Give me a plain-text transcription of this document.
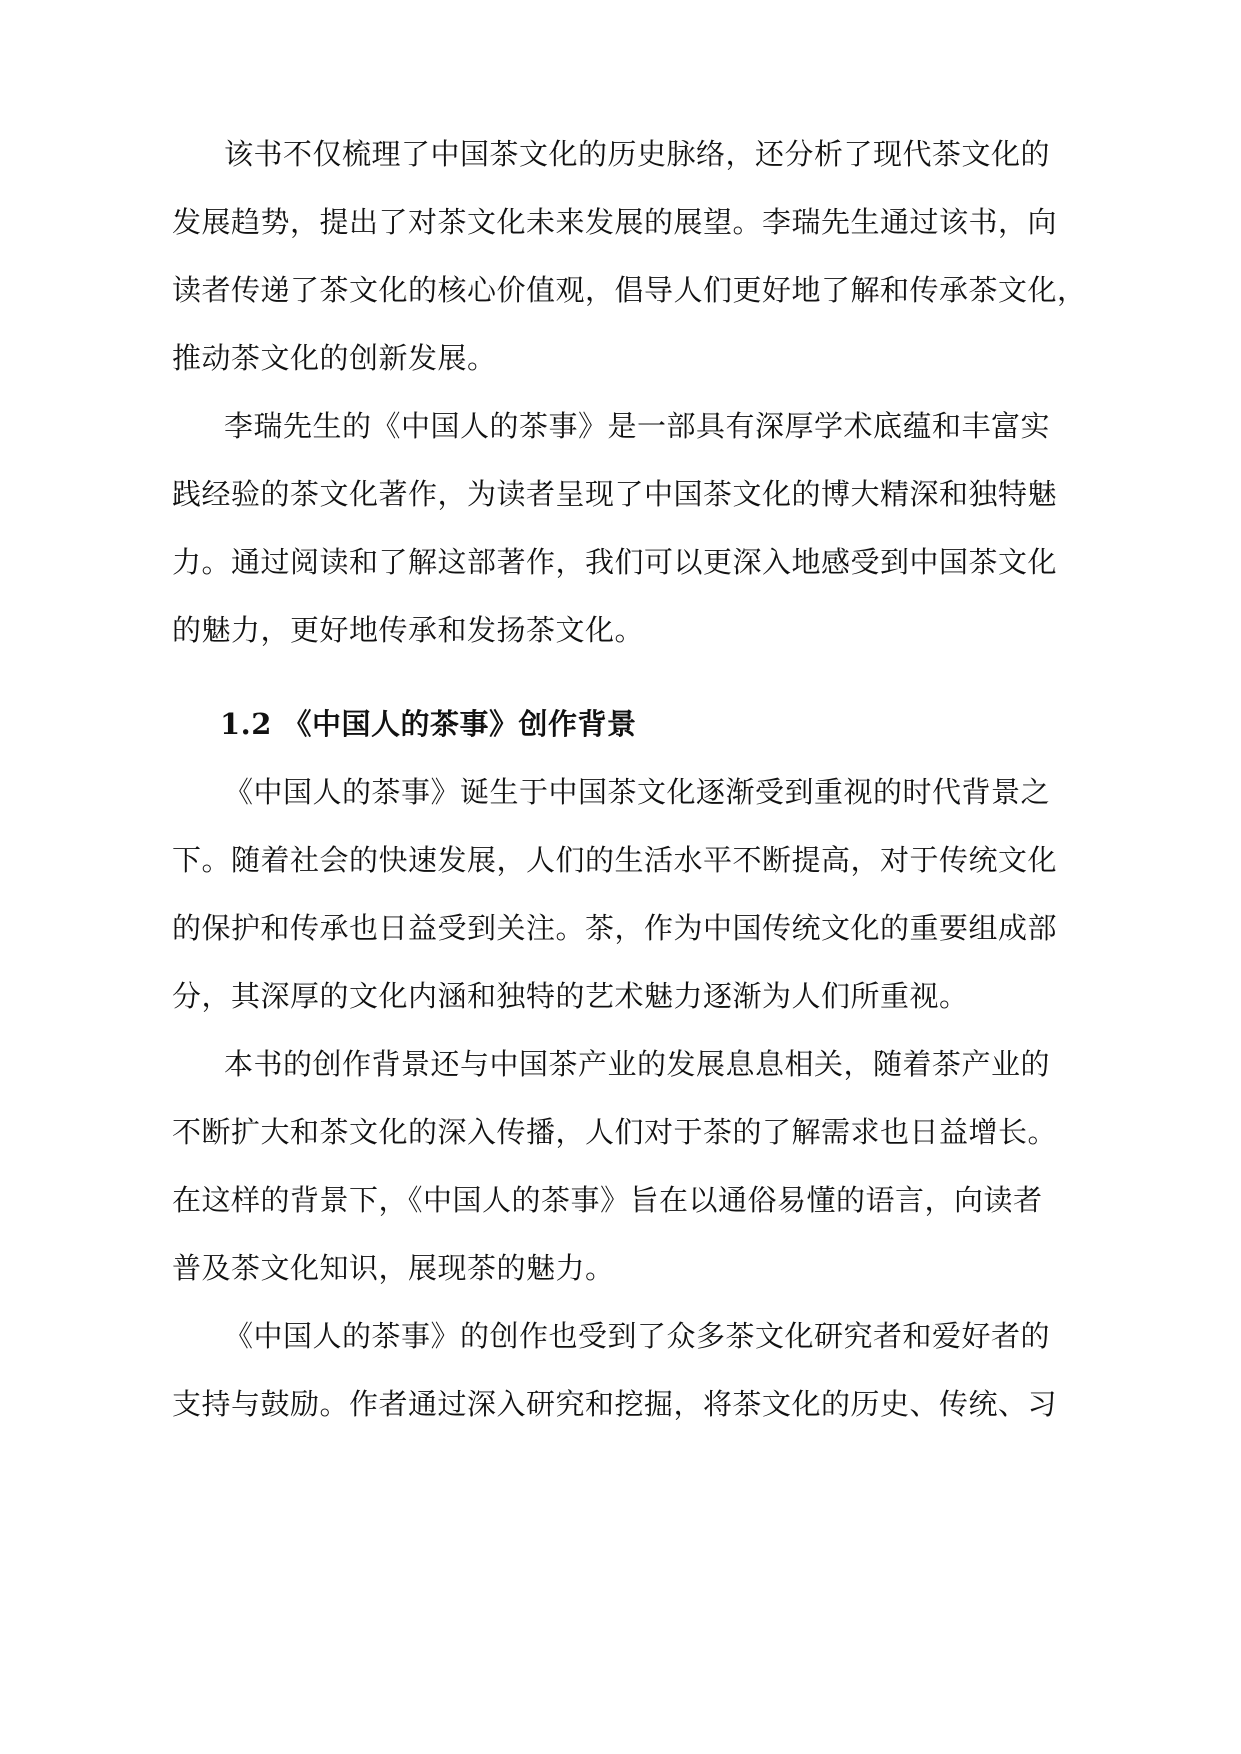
该书不仅梳理了中国茶文化的历史脉络，还分析了现代茶文化的
发展趋势，提出了对茶文化未来发展的展望。李瑞先生通过该书，向
读者传递了茶文化的核心价值观，倡导人们更好地了解和传承茶文化，
推动茶文化的创新发展。
李瑞先生的《中国人的茶事》是一部具有深厚学术底蕴和丰富实
践经验的茶文化著作，为读者呈现了中国茶文化的博大精深和独特魅
力。通过阅读和了解这部著作，我们可以更深入地感受到中国茶文化
的魅力，更好地传承和发扬茶文化。
1.2 《中国人的茶事》创作背景
《中国人的茶事》诞生于中国茶文化逐渐受到重视的时代背景之
下。随着社会的快速发展，人们的生活水平不断提高，对于传统文化
的保护和传承也日益受到关注。茶，作为中国传统文化的重要组成部
分，其深厚的文化内涵和独特的艺术魅力逐渐为人们所重视。
本书的创作背景还与中国茶产业的发展息息相关，随着茶产业的
不断扩大和茶文化的深入传播，人们对于茶的了解需求也日益增长。
在这样的背景下，《中国人的茶事》旨在以通俗易懂的语言，向读者
普及茶文化知识，展现茶的魅力。
《中国人的茶事》的创作也受到了众多茶文化研究者和爱好者的
支持与鼓励。作者通过深入研究和挖掘，将茶文化的历史、传统、习
